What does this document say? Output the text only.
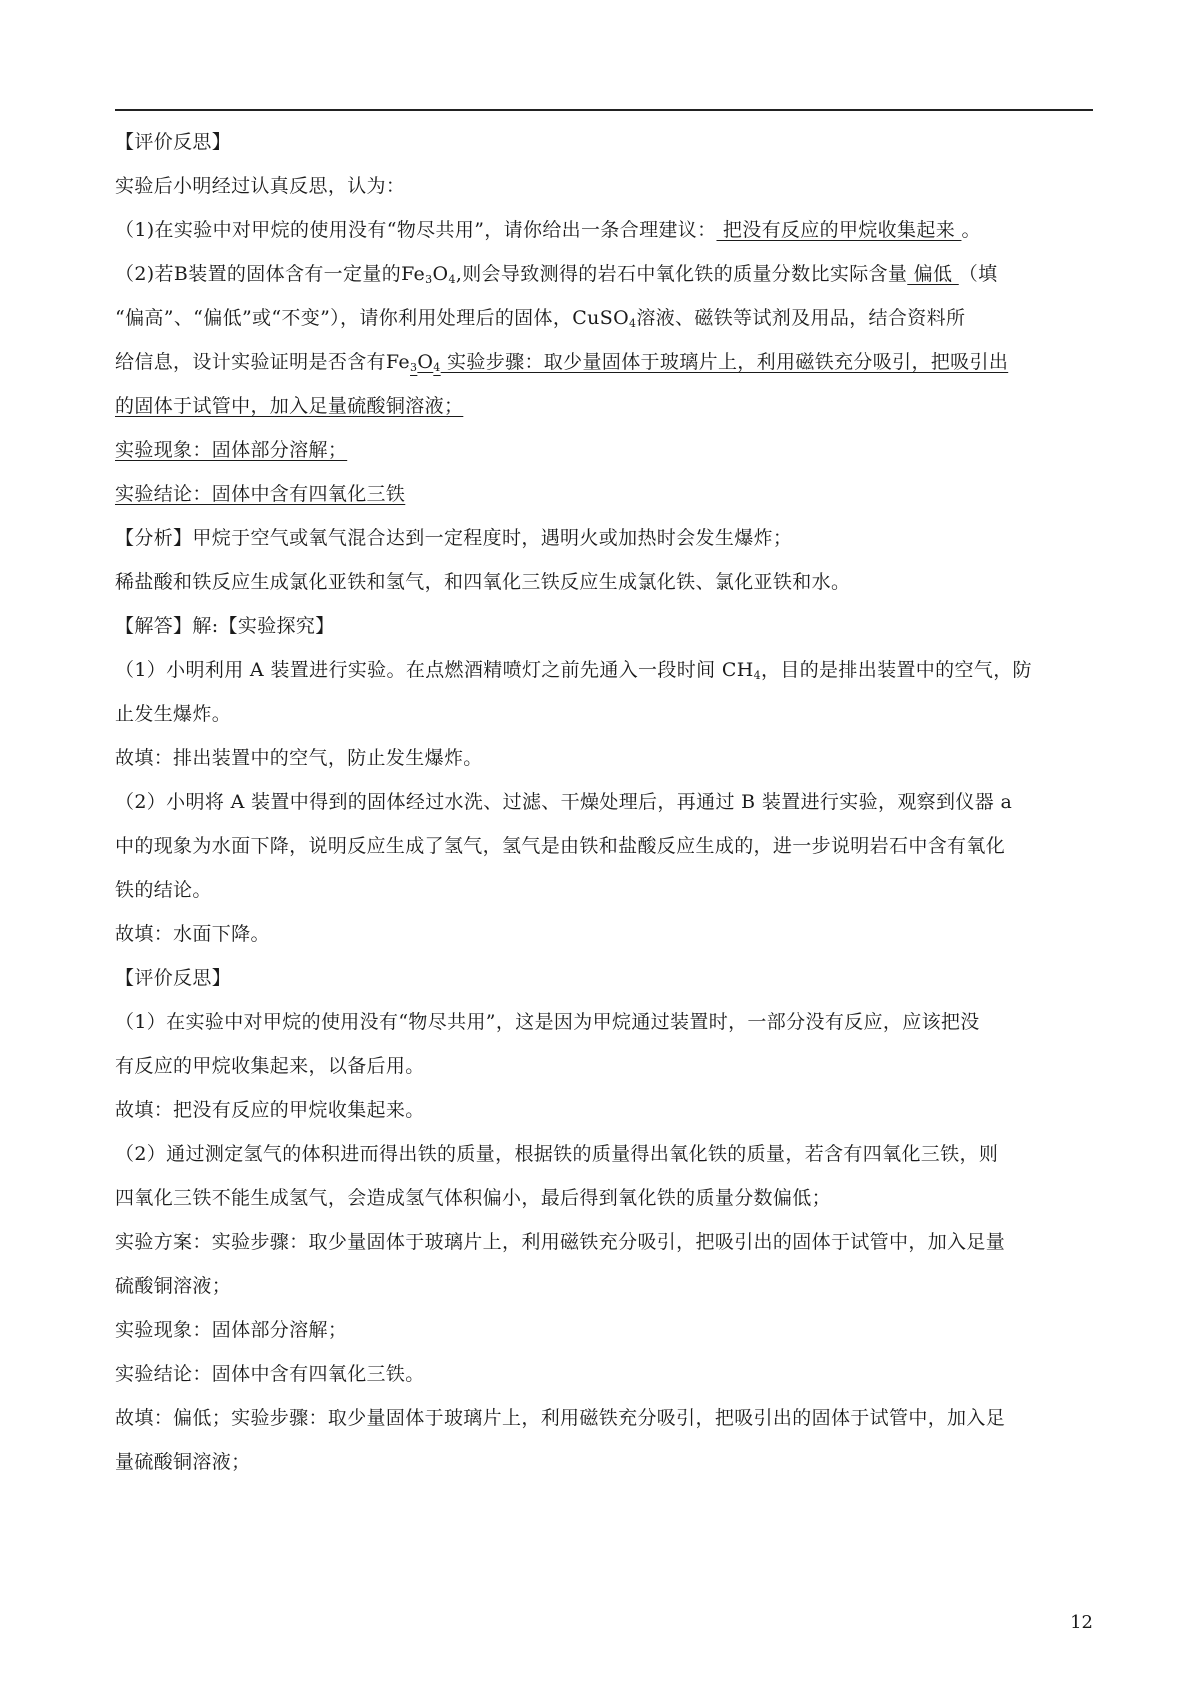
【评价反思】
实验后小明经过认真反思，认为：
（1)在实验中对甲烷的使用没有“物尽共用”，请你给出一条合理建议： 把没有反应的甲烷收集起来 。
（2)若B装置的固体含有一定量的$Fe_3O_4$,则会导致测得的岩石中氧化铁的质量分数比实际含量 偏低 （填
“偏高”、“偏低”或“不变”），请你利用处理后的固体，CuSO$_4$溶液、磁铁等试剂及用品，结合资料所
给信息，设计实验证明是否含有$Fe_3O_4$ 实验步骤：取少量固体于玻璃片上，利用磁铁充分吸引，把吸引出
的固体于试管中，加入足量硫酸铜溶液；
实验现象：固体部分溶解；
实验结论：固体中含有四氧化三铁
【分析】甲烷于空气或氧气混合达到一定程度时，遇明火或加热时会发生爆炸；
稀盐酸和铁反应生成氯化亚铁和氢气，和四氧化三铁反应生成氯化铁、氯化亚铁和水。
【解答】解:【实验探究】
（1）小明利用 A 装置进行实验。在点燃酒精喷灯之前先通入一段时间 $CH_4$，目的是排出装置中的空气，防
止发生爆炸。
故填：排出装置中的空气，防止发生爆炸。
（2）小明将 A 装置中得到的固体经过水洗、过滤、干燥处理后，再通过 B 装置进行实验，观察到仪器 a
中的现象为水面下降，说明反应生成了氢气，氢气是由铁和盐酸反应生成的，进一步说明岩石中含有氧化
铁的结论。
故填：水面下降。
【评价反思】
（1）在实验中对甲烷的使用没有“物尽共用”，这是因为甲烷通过装置时，一部分没有反应，应该把没
有反应的甲烷收集起来，以备后用。
故填：把没有反应的甲烷收集起来。
（2）通过测定氢气的体积进而得出铁的质量，根据铁的质量得出氧化铁的质量，若含有四氧化三铁，则
四氧化三铁不能生成氢气，会造成氢气体积偏小，最后得到氧化铁的质量分数偏低；
实验方案：实验步骤：取少量固体于玻璃片上，利用磁铁充分吸引，把吸引出的固体于试管中，加入足量
硫酸铜溶液；
实验现象：固体部分溶解；
实验结论：固体中含有四氧化三铁。
故填：偏低；实验步骤：取少量固体于玻璃片上，利用磁铁充分吸引，把吸引出的固体于试管中，加入足
量硫酸铜溶液；
12
